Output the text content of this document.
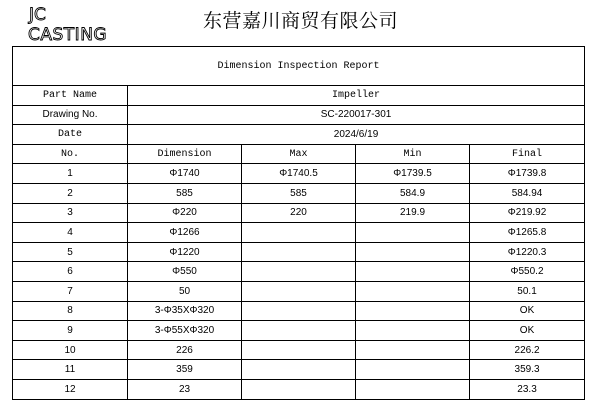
JC
CASTING
东营嘉川商贸有限公司
Dimension Inspection Report				
Part Name	Impeller			
Drawing No.	SC-220017-301			
Date	2024/6/19			
No.	Dimension	Max	Min	Final
1	Φ1740	Φ1740.5	Φ1739.5	Φ1739.8
2	585	585	584.9	584.94
3	Φ220	220	219.9	Φ219.92
4	Φ1266			Φ1265.8
5	Φ1220			Φ1220.3
6	Φ550			Φ550.2
7	50			50.1
8	3-Φ35XΦ320			OK
9	3-Φ55XΦ320			OK
10	226			226.2
11	359			359.3
12	23			23.3
